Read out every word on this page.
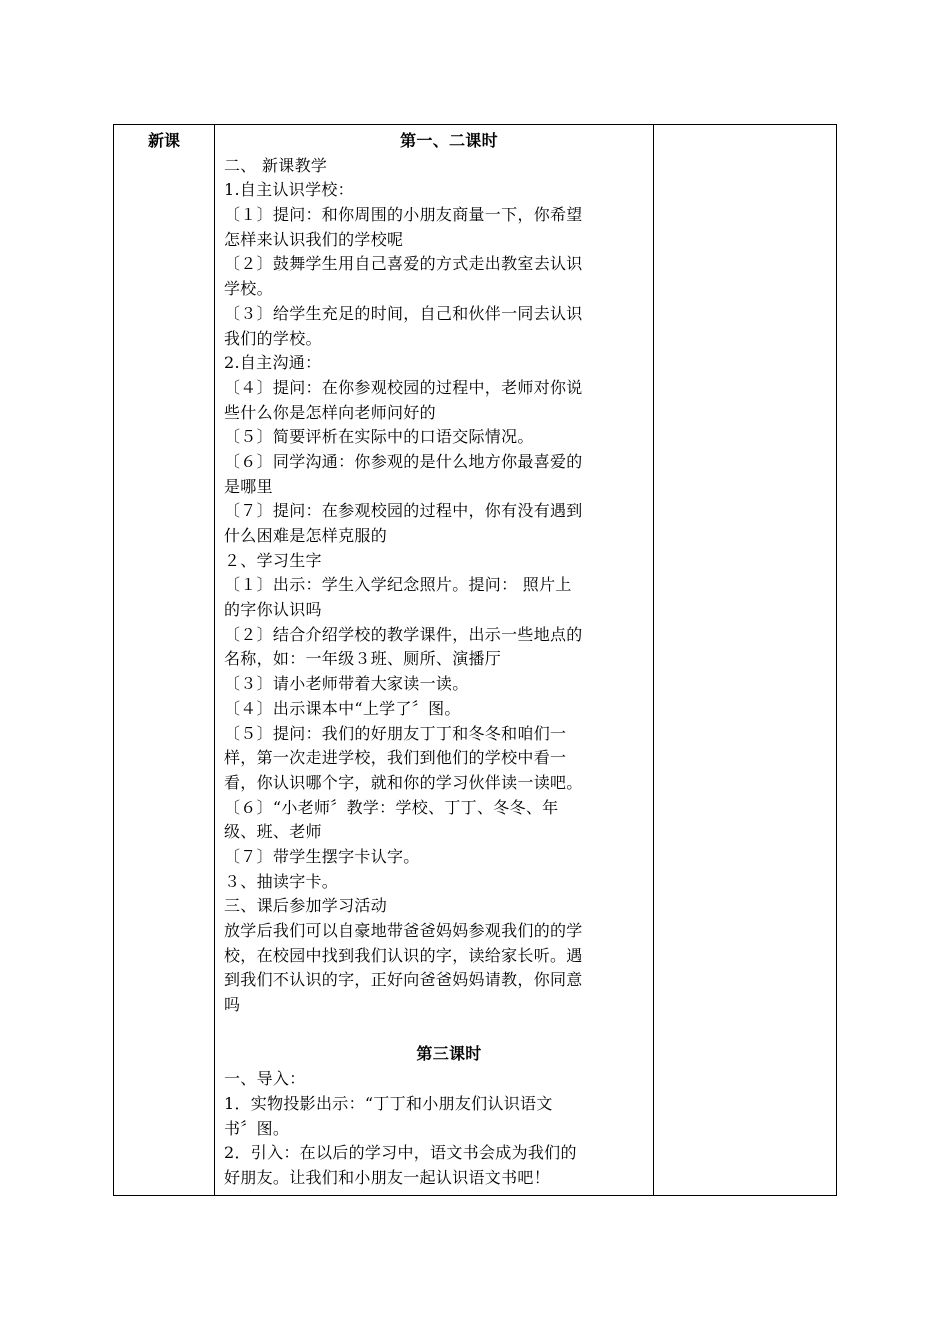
新课	第一、二课时
二、 新课教学
1.自主认识学校：
〔１〕提问：和你周围的小朋友商量一下，你希望
怎样来认识我们的学校呢
〔２〕鼓舞学生用自己喜爱的方式走出教室去认识
学校。
〔３〕给学生充足的时间，自己和伙伴一同去认识
我们的学校。
2.自主沟通：
〔４〕提问：在你参观校园的过程中，老师对你说
些什么你是怎样向老师问好的
〔５〕简要评析在实际中的口语交际情况。
〔６〕同学沟通：你参观的是什么地方你最喜爱的
是哪里
〔７〕提问：在参观校园的过程中，你有没有遇到
什么困难是怎样克服的
２、学习生字
〔１〕出示：学生入学纪念照片。提问： 照片上
的字你认识吗
〔２〕结合介绍学校的教学课件，出示一些地点的
名称，如：一年级３班、厕所、演播厅
〔３〕请小老师带着大家读一读。
〔４〕出示课本中“上学了〞图。
〔５〕提问：我们的好朋友丁丁和冬冬和咱们一
样，第一次走进学校，我们到他们的学校中看一
看，你认识哪个字，就和你的学习伙伴读一读吧。
〔６〕“小老师〞教学：学校、丁丁、冬冬、年
级、班、老师
〔７〕带学生摆字卡认字。
３、抽读字卡。
三、课后参加学习活动
放学后我们可以自豪地带爸爸妈妈参观我们的的学
校，在校园中找到我们认识的字，读给家长听。遇
到我们不认识的字，正好向爸爸妈妈请教，你同意
吗
第三课时
一、导入：
1．实物投影出示：“丁丁和小朋友们认识语文
书〞图。
2．引入：在以后的学习中，语文书会成为我们的
好朋友。让我们和小朋友一起认识语文书吧！
